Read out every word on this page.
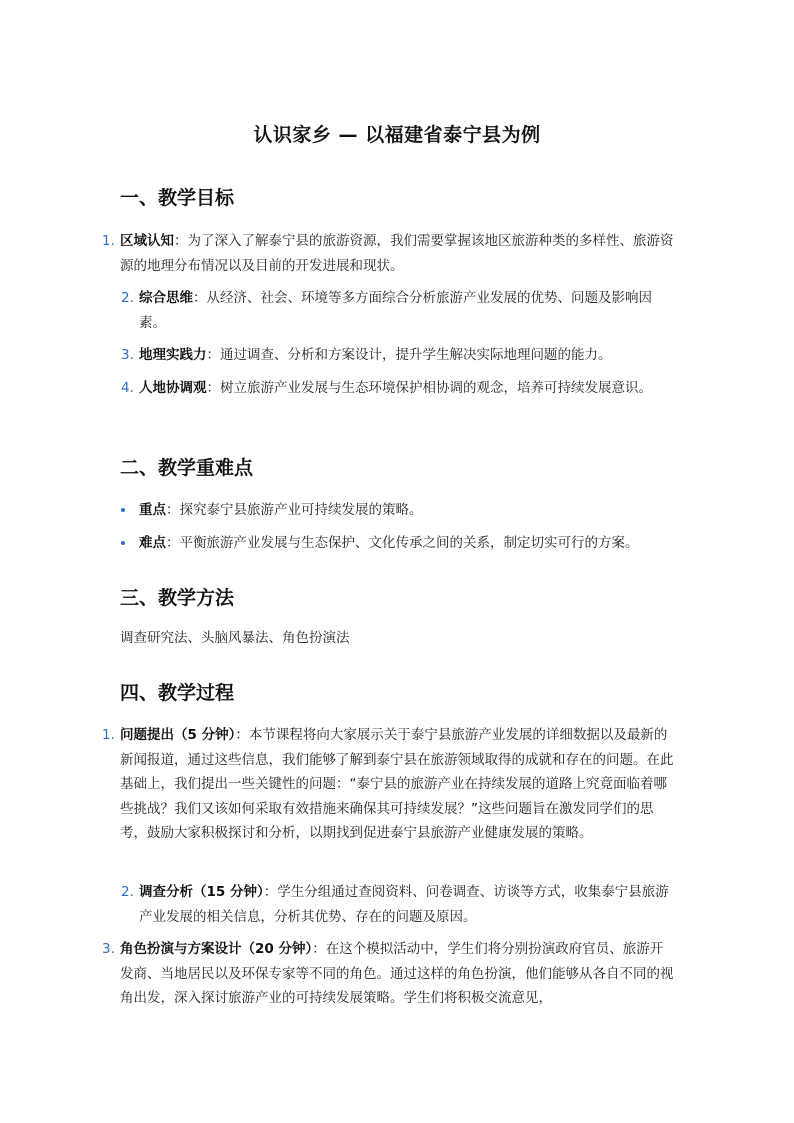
认识家乡 — 以福建省泰宁县为例
一、教学目标
1. 区域认知：为了深入了解泰宁县的旅游资源，我们需要掌握该地区旅游种类的多样性、旅游资源的地理分布情况以及目前的开发进展和现状。
2. 综合思维：从经济、社会、环境等多方面综合分析旅游产业发展的优势、问题及影响因素。
3. 地理实践力：通过调查、分析和方案设计，提升学生解决实际地理问题的能力。
4. 人地协调观：树立旅游产业发展与生态环境保护相协调的观念，培养可持续发展意识。
二、教学重难点
重点：探究泰宁县旅游产业可持续发展的策略。
难点：平衡旅游产业发展与生态保护、文化传承之间的关系，制定切实可行的方案。
三、教学方法

调查研究法、头脑风暴法、角色扮演法

四、教学过程
1. 问题提出（5 分钟）：本节课程将向大家展示关于泰宁县旅游产业发展的详细数据以及最新的新闻报道，通过这些信息，我们能够了解到泰宁县在旅游领域取得的成就和存在的问题。在此基础上，我们提出一些关键性的问题：“泰宁县的旅游产业在持续发展的道路上究竟面临着哪些挑战？我们又该如何采取有效措施来确保其可持续发展？”这些问题旨在激发同学们的思考，鼓励大家积极探讨和分析，以期找到促进泰宁县旅游产业健康发展的策略。
2. 调查分析（15 分钟）：学生分组通过查阅资料、问卷调查、访谈等方式，收集泰宁县旅游产业发展的相关信息，分析其优势、存在的问题及原因。
3. 角色扮演与方案设计（20 分钟）：在这个模拟活动中，学生们将分别扮演政府官员、旅游开发商、当地居民以及环保专家等不同的角色。通过这样的角色扮演，他们能够从各自不同的视角出发，深入探讨旅游产业的可持续发展策略。学生们将积极交流意见，
